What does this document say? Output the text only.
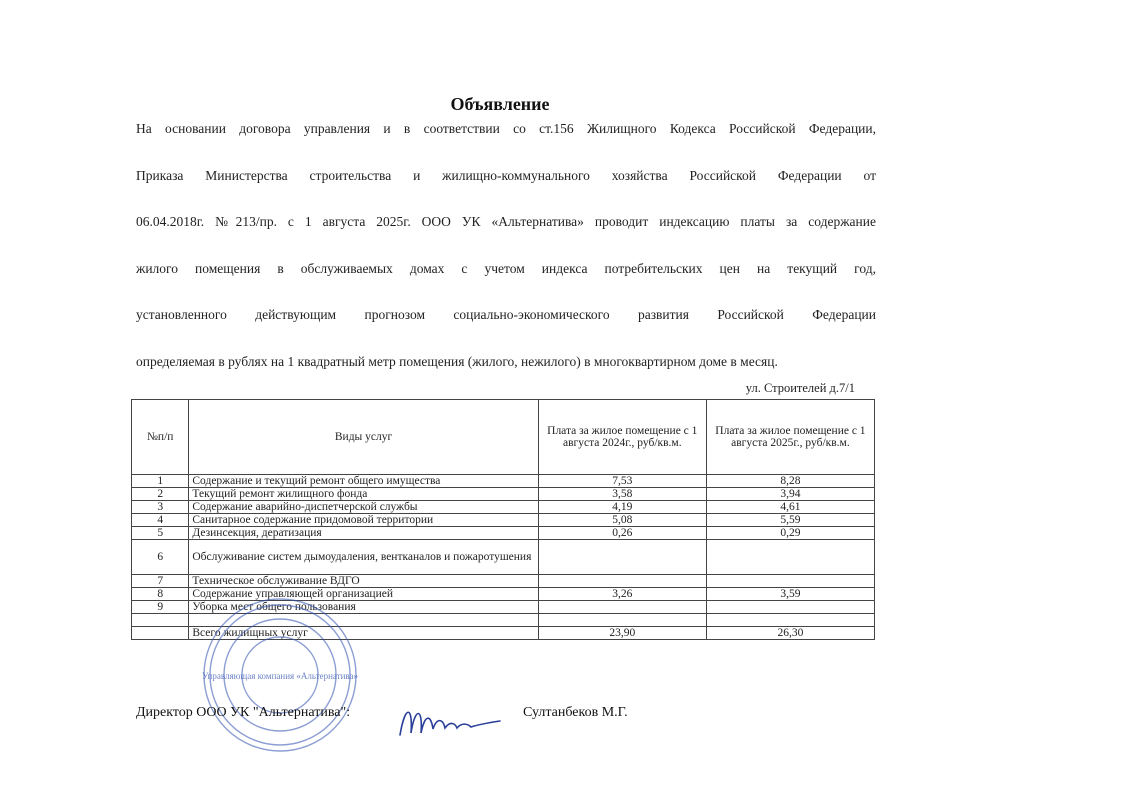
Объявление
На основании договора управления и в соответствии со ст.156 Жилищного Кодекса Российской Федерации,
Приказа Министерства строительства и жилищно-коммунального хозяйства Российской Федерации от
06.04.2018г. №213/пр. с 1 августа 2025г. ООО УК «Альтернатива» проводит индексацию платы за содержание
жилого помещения в обслуживаемых домах с учетом индекса потребительских цен на текущий год,
установленного действующим прогнозом социально-экономического развития Российской Федерации
определяемая в рублях на 1 квадратный метр помещения (жилого, нежилого) в многоквартирном доме в месяц.
ул. Строителей д.7/1
№п/п	Виды услуг	Плата за жилое помещение с 1 августа 2024г., руб/кв.м.	Плата за жилое помещение с 1 августа 2025г., руб/кв.м.
1	Содержание и текущий ремонт общего имущества	7,53	8,28
2	Текущий ремонт жилищного фонда	3,58	3,94
3	Содержание аварийно-диспетчерской службы	4,19	4,61
4	Санитарное содержание придомовой территории	5,08	5,59
5	Дезинсекция, дератизация	0,26	0,29
6	Обслуживание систем дымоудаления, вентканалов и пожаротушения		
7	Техническое обслуживание ВДГО		
8	Содержание управляющей организацией	3,26	3,59
9	Уборка мест общего пользования		

	Всего жилищных услуг	23,90	26,30
Управляющая компания «Альтернатива»
Директор ООО УК "Альтернатива":	Султанбеков М.Г.
